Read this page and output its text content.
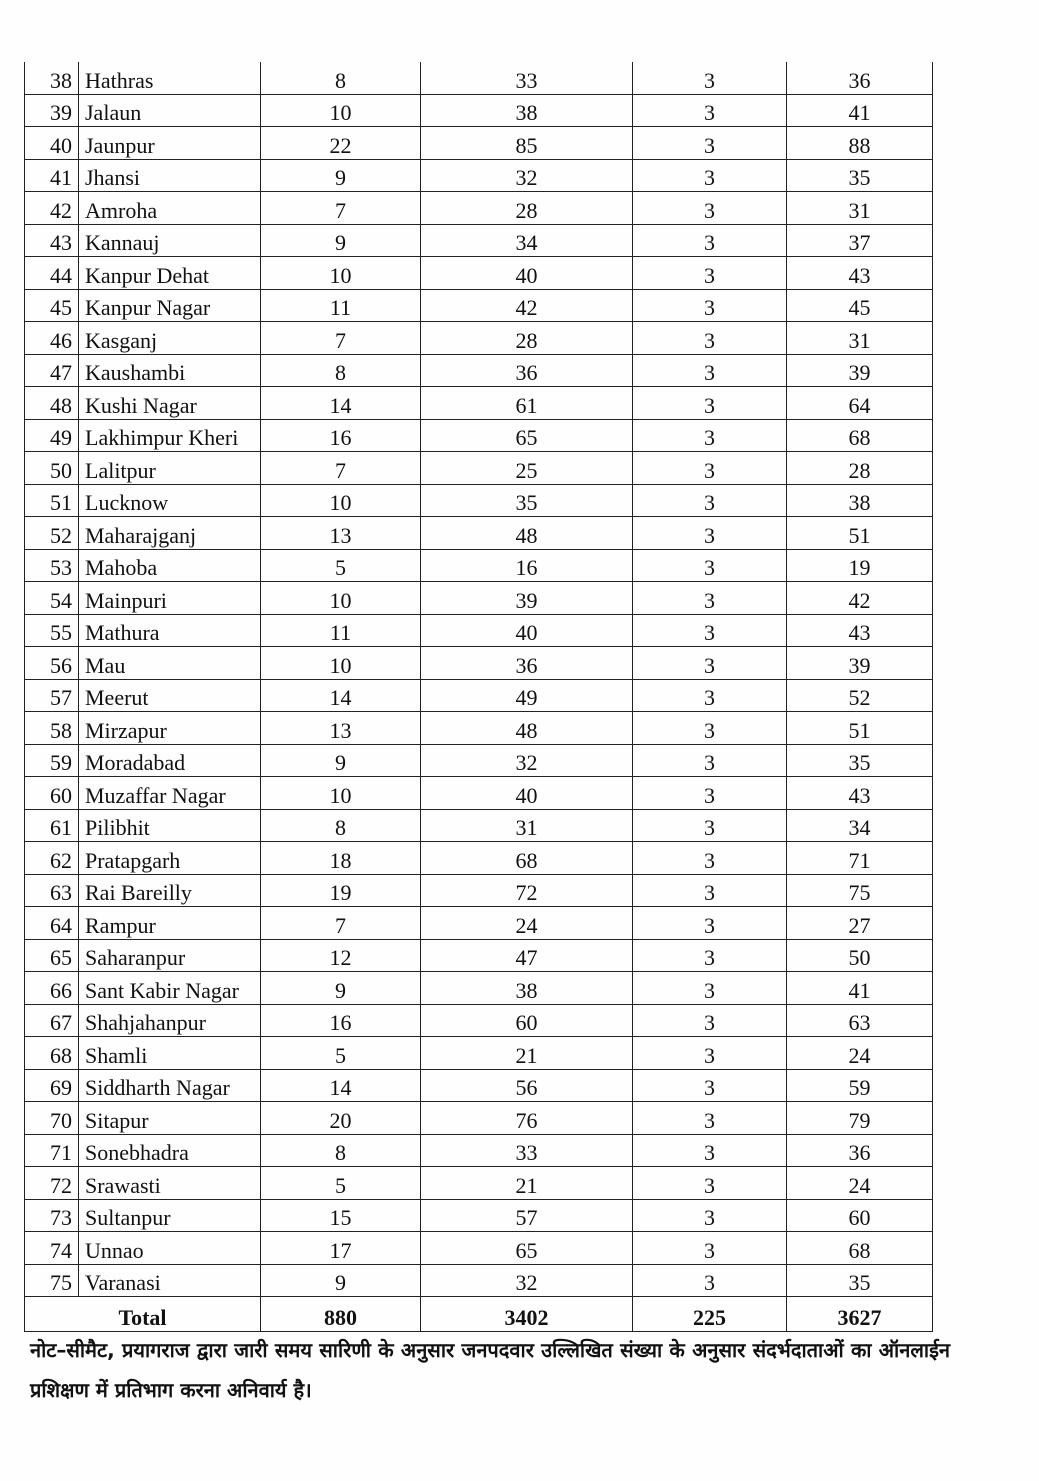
38	Hathras	8	33	3	36
39	Jalaun	10	38	3	41
40	Jaunpur	22	85	3	88
41	Jhansi	9	32	3	35
42	Amroha	7	28	3	31
43	Kannauj	9	34	3	37
44	Kanpur Dehat	10	40	3	43
45	Kanpur Nagar	11	42	3	45
46	Kasganj	7	28	3	31
47	Kaushambi	8	36	3	39
48	Kushi Nagar	14	61	3	64
49	Lakhimpur Kheri	16	65	3	68
50	Lalitpur	7	25	3	28
51	Lucknow	10	35	3	38
52	Maharajganj	13	48	3	51
53	Mahoba	5	16	3	19
54	Mainpuri	10	39	3	42
55	Mathura	11	40	3	43
56	Mau	10	36	3	39
57	Meerut	14	49	3	52
58	Mirzapur	13	48	3	51
59	Moradabad	9	32	3	35
60	Muzaffar Nagar	10	40	3	43
61	Pilibhit	8	31	3	34
62	Pratapgarh	18	68	3	71
63	Rai Bareilly	19	72	3	75
64	Rampur	7	24	3	27
65	Saharanpur	12	47	3	50
66	Sant Kabir Nagar	9	38	3	41
67	Shahjahanpur	16	60	3	63
68	Shamli	5	21	3	24
69	Siddharth Nagar	14	56	3	59
70	Sitapur	20	76	3	79
71	Sonebhadra	8	33	3	36
72	Srawasti	5	21	3	24
73	Sultanpur	15	57	3	60
74	Unnao	17	65	3	68
75	Varanasi	9	32	3	35
Total		880	3402	225	3627
नोट–सीमैट, प्रयागराज द्वारा जारी समय सारिणी के अनुसार जनपदवार उल्लिखित संख्या के अनुसार संदर्भदाताओं का ऑनलाईन प्रशिक्षण में प्रतिभाग करना अनिवार्य है।
